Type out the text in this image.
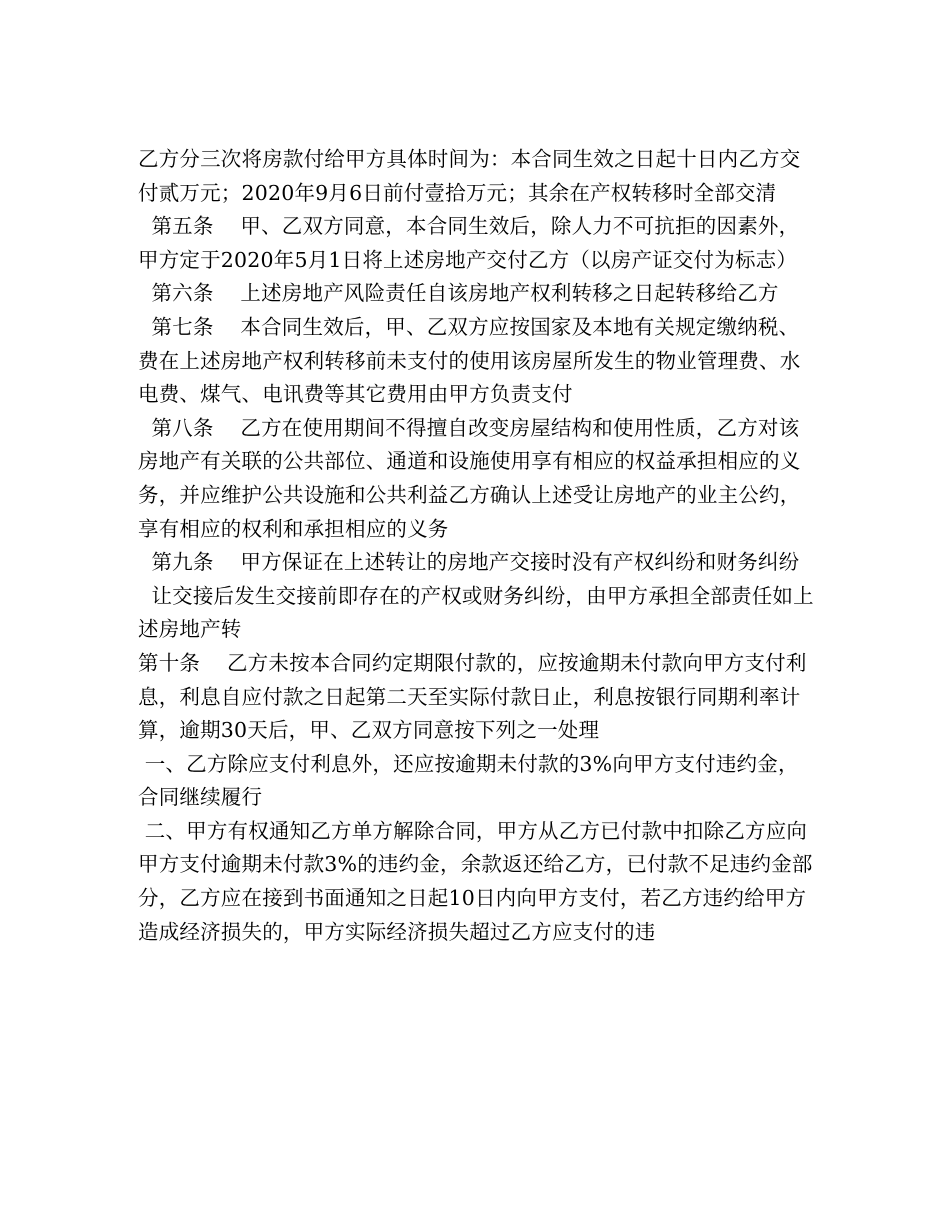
乙方分三次将房款付给甲方具体时间为：本合同生效之日起十日内乙方交付贰万元；2020年9月6日前付壹拾万元；其余在产权转移时全部交清

第五条    甲、乙双方同意，本合同生效后，除人力不可抗拒的因素外，甲方定于2020年5月1日将上述房地产交付乙方（以房产证交付为标志）

第六条    上述房地产风险责任自该房地产权利转移之日起转移给乙方

第七条    本合同生效后，甲、乙双方应按国家及本地有关规定缴纳税、费在上述房地产权利转移前未支付的使用该房屋所发生的物业管理费、水电费、煤气、电讯费等其它费用由甲方负责支付

第八条    乙方在使用期间不得擅自改变房屋结构和使用性质，乙方对该房地产有关联的公共部位、通道和设施使用享有相应的权益承担相应的义务，并应维护公共设施和公共利益乙方确认上述受让房地产的业主公约，享有相应的权利和承担相应的义务

第九条    甲方保证在上述转让的房地产交接时没有产权纠纷和财务纠纷

让交接后发生交接前即存在的产权或财务纠纷，由甲方承担全部责任如上述房地产转

第十条    乙方未按本合同约定期限付款的，应按逾期未付款向甲方支付利息，利息自应付款之日起第二天至实际付款日止，利息按银行同期利率计算，逾期30天后，甲、乙双方同意按下列之一处理

一、乙方除应支付利息外，还应按逾期未付款的3%向甲方支付违约金，合同继续履行

二、甲方有权通知乙方单方解除合同，甲方从乙方已付款中扣除乙方应向甲方支付逾期未付款3%的违约金，余款返还给乙方，已付款不足违约金部分，乙方应在接到书面通知之日起10日内向甲方支付，若乙方违约给甲方造成经济损失的，甲方实际经济损失超过乙方应支付的违
